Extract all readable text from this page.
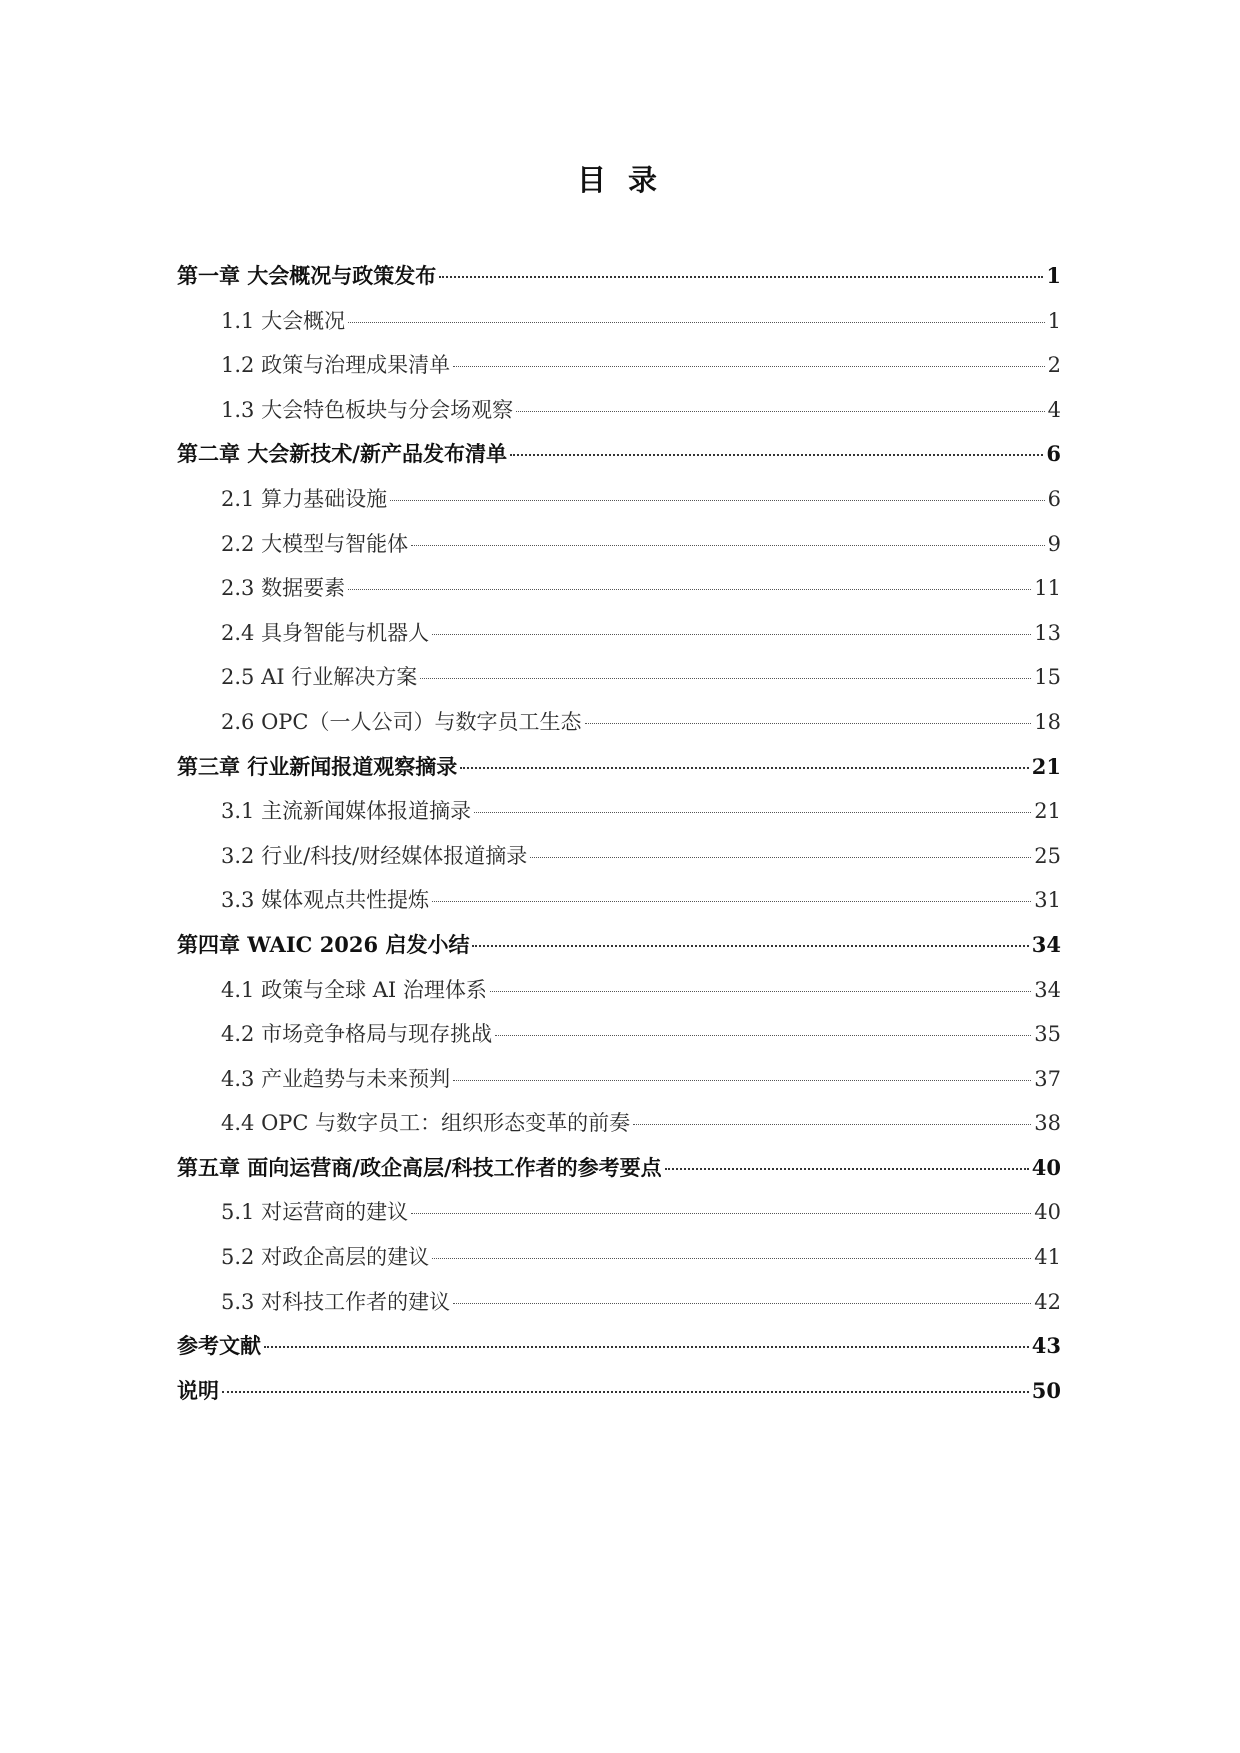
目 录
第一章 大会概况与政策发布	1
1.1 大会概况	1
1.2 政策与治理成果清单	2
1.3 大会特色板块与分会场观察	4
第二章 大会新技术/新产品发布清单	6
2.1 算力基础设施	6
2.2 大模型与智能体	9
2.3 数据要素	11
2.4 具身智能与机器人	13
2.5 AI 行业解决方案	15
2.6 OPC（一人公司）与数字员工生态	18
第三章 行业新闻报道观察摘录	21
3.1 主流新闻媒体报道摘录	21
3.2 行业/科技/财经媒体报道摘录	25
3.3 媒体观点共性提炼	31
第四章 WAIC 2026 启发小结	34
4.1 政策与全球 AI 治理体系	34
4.2 市场竞争格局与现存挑战	35
4.3 产业趋势与未来预判	37
4.4 OPC 与数字员工：组织形态变革的前奏	38
第五章 面向运营商/政企高层/科技工作者的参考要点	40
5.1 对运营商的建议	40
5.2 对政企高层的建议	41
5.3 对科技工作者的建议	42
参考文献	43
说明	50
